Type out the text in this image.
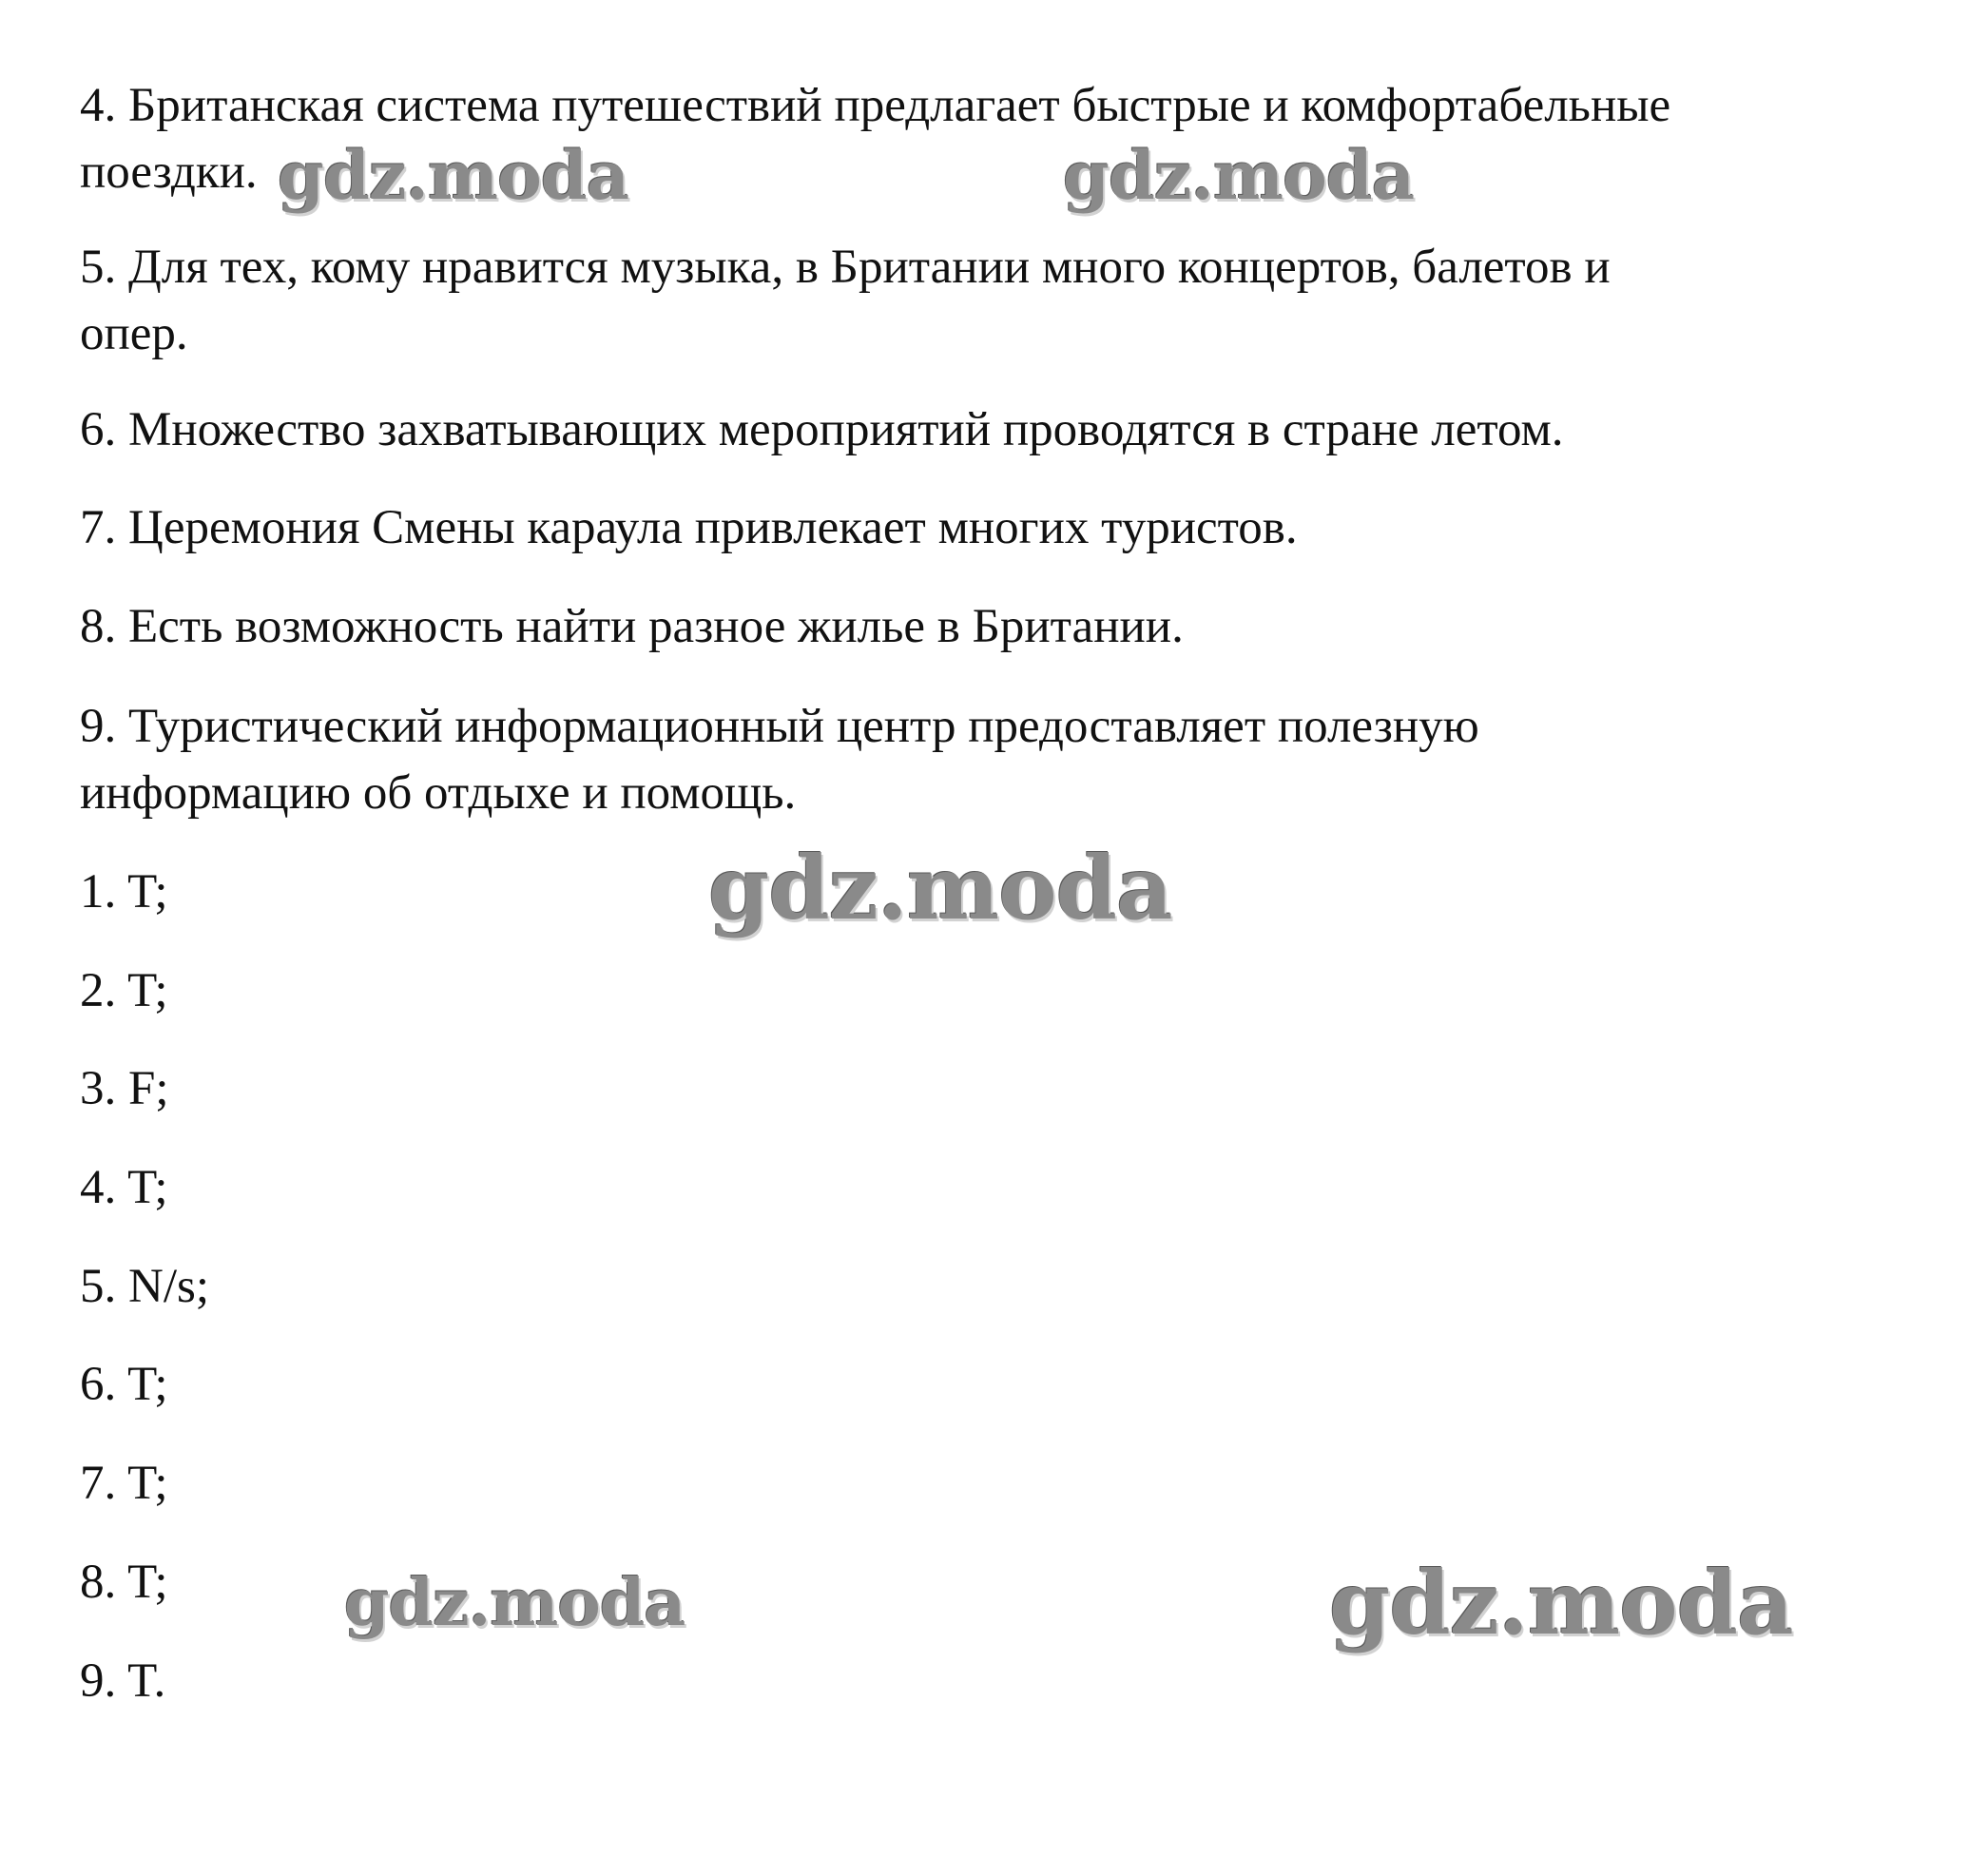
4. Британская система путешествий предлагает быстрые и комфортабельные

поездки.

5. Для тех, кому нравится музыка, в Британии много концертов, балетов и

опер.

6. Множество захватывающих мероприятий проводятся в стране летом.

7. Церемония Смены караула привлекает многих туристов.

8. Есть возможность найти разное жилье в Британии.

9. Туристический информационный центр предоставляет полезную

информацию об отдыхе и помощь.

1. T;

2. T;

3. F;

4. T;

5. N/s;

6. T;

7. T;

8. T;

9. T.

gdz.moda	gdz.moda
gdz.moda
gdz.moda	gdz.moda
